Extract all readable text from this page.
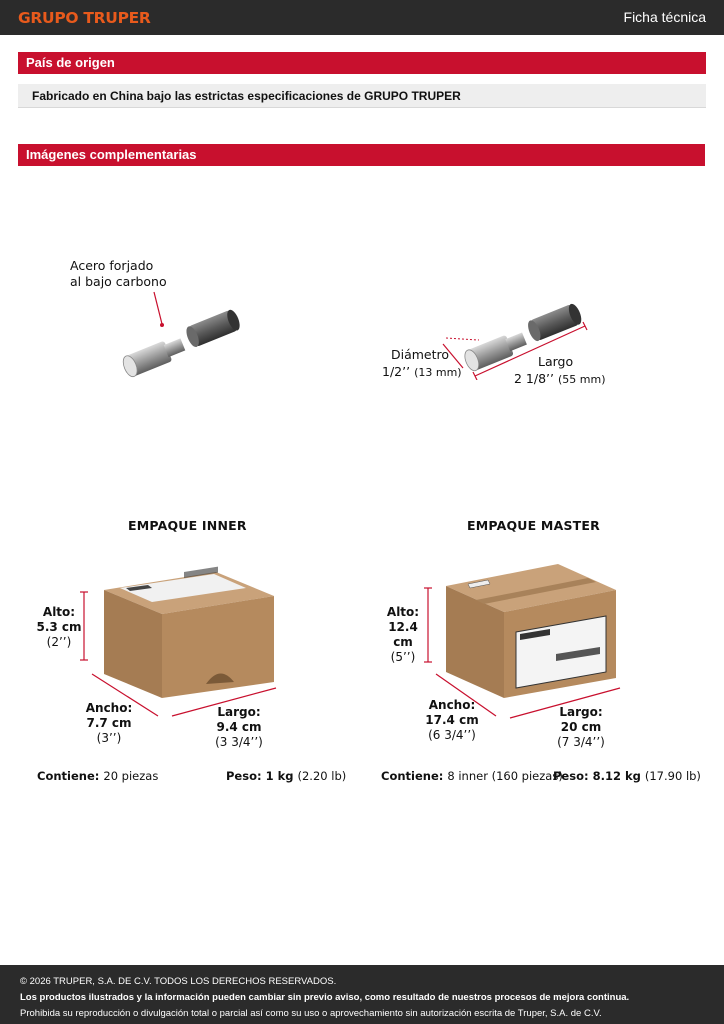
GRUPO TRUPER	Ficha técnica
País de origen
Fabricado en China bajo las estrictas especificaciones de GRUPO TRUPER
Imágenes complementarias
Acero forjado
al bajo carbono
Diámetro
1/2’’ (13 mm)
Largo
2 1/8’’ (55 mm)
EMPAQUE INNER
Alto:
5.3 cm
(2’’)
Ancho:
7.7 cm
(3’’)
Largo:
9.4 cm
(3 3/4’’)
Contiene: 20 piezas	Peso: 1 kg (2.20 lb)
EMPAQUE MASTER
Alto:
12.4 cm
(5’’)
Ancho:
17.4 cm
(6 3/4’’)
Largo:
20 cm
(7 3/4’’)
Contiene: 8 inner (160 piezas)
Peso: 8.12 kg (17.90 lb)
© 2026 TRUPER, S.A. DE C.V. TODOS LOS DERECHOS RESERVADOS.
Los productos ilustrados y la información pueden cambiar sin previo aviso, como resultado de nuestros procesos de mejora continua.
Prohibida su reproducción o divulgación total o parcial así como su uso o aprovechamiento sin autorización escrita de Truper, S.A. de C.V.
